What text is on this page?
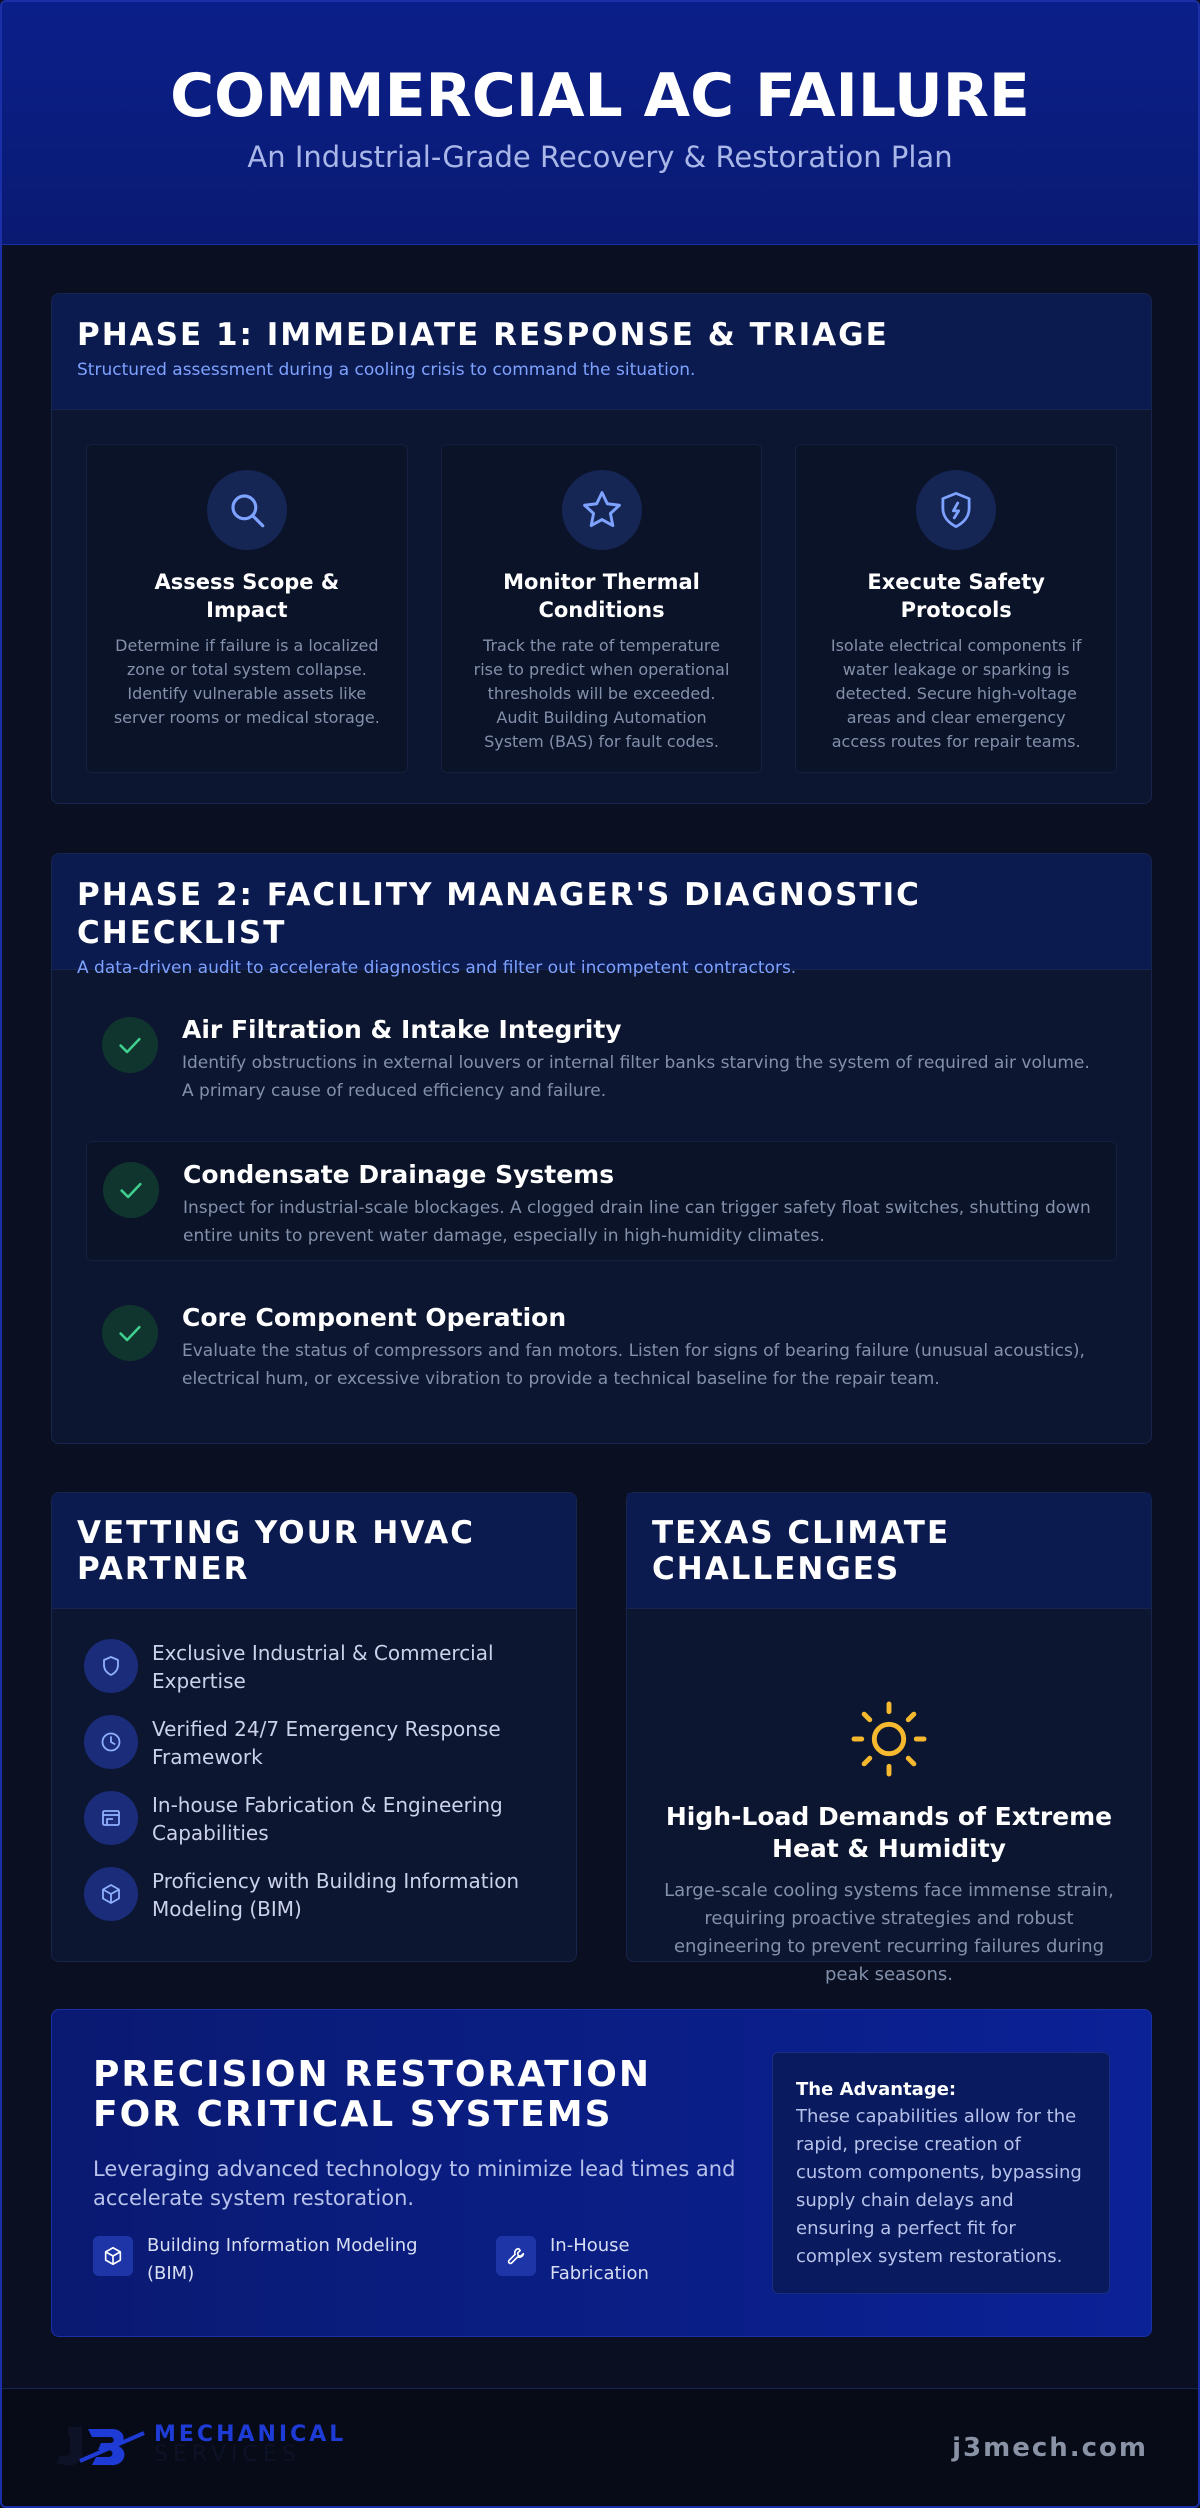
COMMERCIAL AC FAILURE
An Industrial-Grade Recovery & Restoration Plan
PHASE 1: IMMEDIATE RESPONSE & TRIAGE
Structured assessment during a cooling crisis to command the situation.
Assess Scope & Impact

Determine if failure is a localized zone or total system collapse. Identify vulnerable assets like server rooms or medical storage.

Monitor Thermal Conditions

Track the rate of temperature rise to predict when operational thresholds will be exceeded. Audit Building Automation System (BAS) for fault codes.

Execute Safety Protocols

Isolate electrical components if water leakage or sparking is detected. Secure high-voltage areas and clear emergency access routes for repair teams.

PHASE 2: FACILITY MANAGER'S DIAGNOSTIC CHECKLIST
A data-driven audit to accelerate diagnostics and filter out incompetent contractors.
Air Filtration & Intake Integrity

Identify obstructions in external louvers or internal filter banks starving the system of required air volume. A primary cause of reduced efficiency and failure.

Condensate Drainage Systems

Inspect for industrial-scale blockages. A clogged drain line can trigger safety float switches, shutting down entire units to prevent water damage, especially in high-humidity climates.

Core Component Operation

Evaluate the status of compressors and fan motors. Listen for signs of bearing failure (unusual acoustics), electrical hum, or excessive vibration to provide a technical baseline for the repair team.

VETTING YOUR HVAC PARTNER
Exclusive Industrial & Commercial Expertise
Verified 24/7 Emergency Response Framework
In-house Fabrication & Engineering Capabilities
Proficiency with Building Information Modeling (BIM)
TEXAS CLIMATE CHALLENGES
High-Load Demands of Extreme Heat & Humidity

Large-scale cooling systems face immense strain, requiring proactive strategies and robust engineering to prevent recurring failures during peak seasons.

PRECISION RESTORATION FOR CRITICAL SYSTEMS
Leveraging advanced technology to minimize lead times and accelerate system restoration.
Building Information Modeling (BIM)
In-House Fabrication
The Advantage:
These capabilities allow for the rapid, precise creation of custom components, bypassing supply chain delays and ensuring a perfect fit for complex system restorations.
MECHANICAL
SERVICES	j3mech.com
